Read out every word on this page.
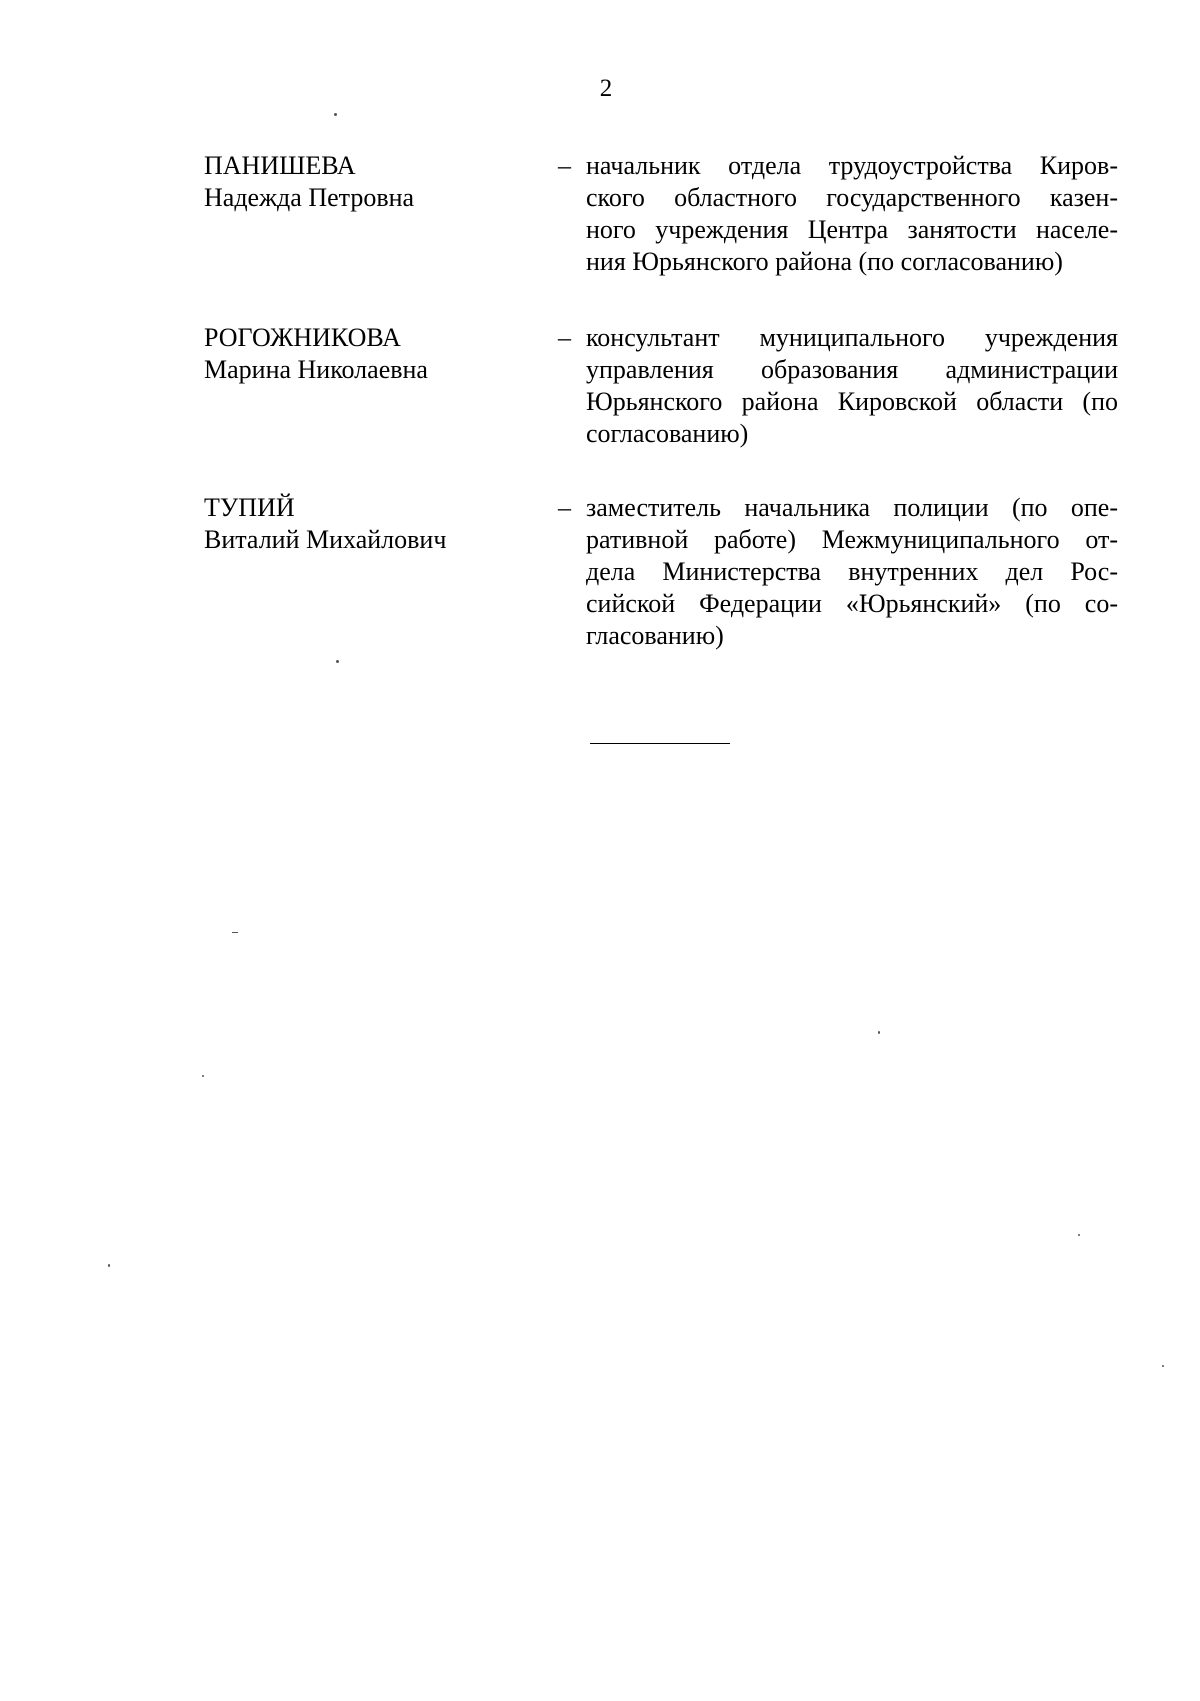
2
ПАНИШЕВА
Надежда Петровна
– начальник отдела трудоустройства Киров-
ского областного государственного казен-
ного учреждения Центра занятости населе-
ния Юрьянского района (по согласованию)
РОГОЖНИКОВА
Марина Николаевна
– консультант муниципального учреждения
управления образования администрации
Юрьянского района Кировской области (по
согласованию)
ТУПИЙ
Виталий Михайлович
– заместитель начальника полиции (по опе-
ративной работе) Межмуниципального от-
дела Министерства внутренних дел Рос-
сийской Федерации «Юрьянский» (по со-
гласованию)
